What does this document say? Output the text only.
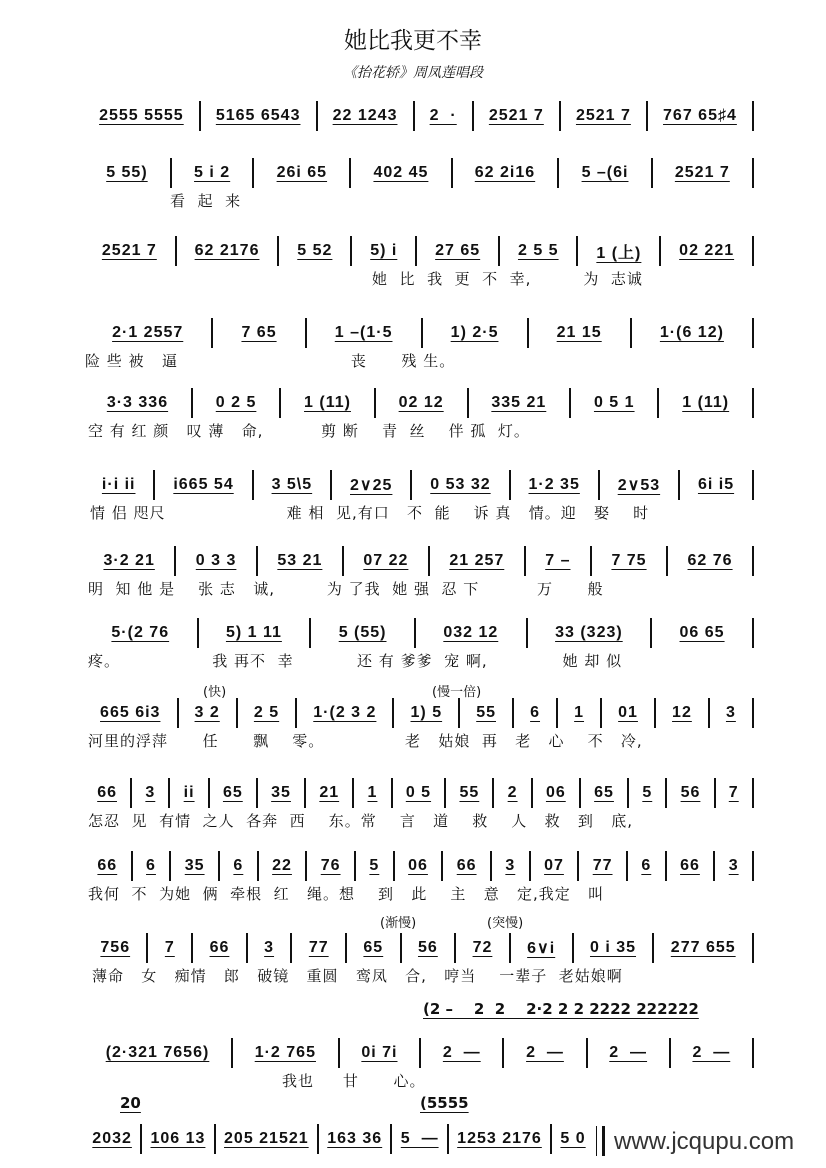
她比我更不幸
《抬花轿》周凤莲唱段
2555 5555	5165 6543	22 1243	2  ·	2521 7	2521 7	767 65♯4
5 55)	5 i 2	26i 65	402 45	62 2i16	5 –(6i	2521 7
看  起  来
2521 7	62 2176	5 52	5) i	27 65	2 5 5	1 (上)	02 221
她  比  我  更  不  幸,         为  志诚
2·1 2557	7 65	1 –(1·5	1) 2·5	21 15	1·(6 12)
险 些 被   逼                              丧      残 生。
3·3 336	0 2 5	1 (11)	02 12	335 21	0 5 1	1 (11)
空 有 红 颜   叹 薄   命,          剪 断    青  丝    伴 孤  灯。
i·i ii	i665 54	3 5\5	2∨25	0 53 32	1·2 35	2∨53	6i i5
情 侣 咫尺                     难 相  见,有口   不  能    诉 真   情。迎   娶    时
3·2 21	0 3 3	53 21	07 22	21 257	7 –	7 75	62 76
明  知 他 是    张 志   诚,         为 了我  她 强  忍 下          万      般
5·(2 76	5) 1 11	5 (55)	032 12	33 (323)	06 65
疼。                我 再不  幸           还 有 爹爹  宠 啊,             她 却 似
665 6i3	3 2	2 5	1·(2 3 2	1) 5	55	6	1	01	12	3
河里的浮萍      任      飘    零。              老   姑娘  再   老   心    不   冷,
66	3	ii	65	35	21	1	0 5	55	2	06	65	5	56	7
怎忍  见  有情  之人  各奔  西    东。常    言   道    救    人   救   到   底,
66	6	35	6	22	76	5	06	66	3	07	77	6	66	3
我何  不  为她  俩  牵根  红   绳。想    到   此    主   意   定,我定   叫
756	7	66	3	77	65	56	72	6∨i	0 i 35	277 655
薄命   女   痴情   郎   破镜   重圆   鸾凤   合,   哼当    一辈子  老姑娘啊
(2·321 7656)	1·2 765	0i 7i	2  —	2  —	2  —	2  —
我也     甘      心。
2032	106 13	205 21521	163 36	5  —	1253 2176	5 0
(快)	(慢一倍)
(渐慢)	(突慢)
(2 –    2  2    2·2 2 2 2222 222222
20	(5555
www.jcqupu.com
